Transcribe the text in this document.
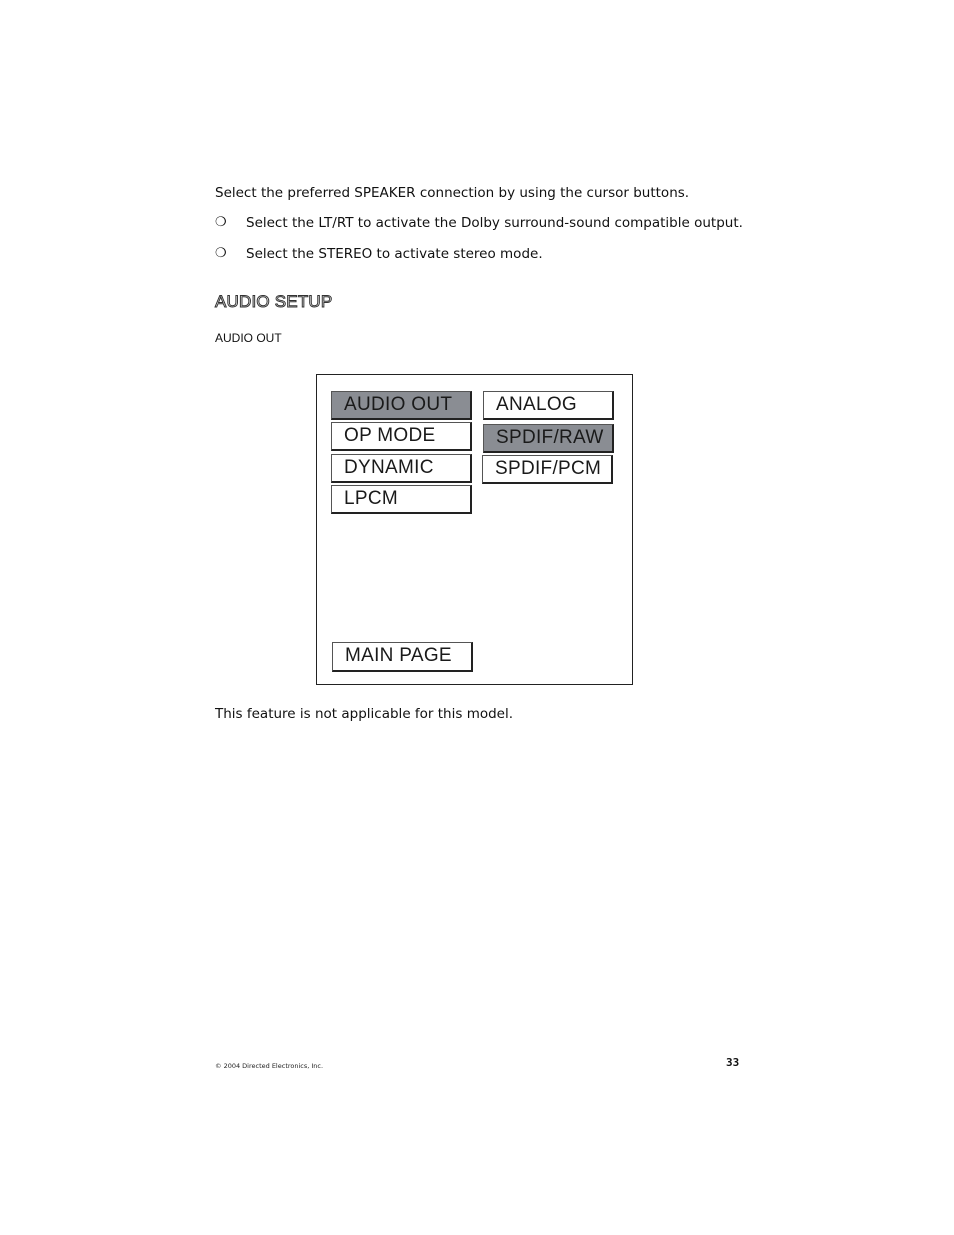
Select the preferred SPEAKER connection by using the cursor buttons.
❍ Select the LT/RT to activate the Dolby surround-sound compatible output.
❍ Select the STEREO to activate stereo mode.
AUDIO SETUP
AUDIO OUT
AUDIO OUT
OP MODE
DYNAMIC
LPCM
ANALOG
SPDIF/RAW
SPDIF/PCM
MAIN PAGE
This feature is not applicable for this model.
© 2004 Directed Electronics, Inc.	33
